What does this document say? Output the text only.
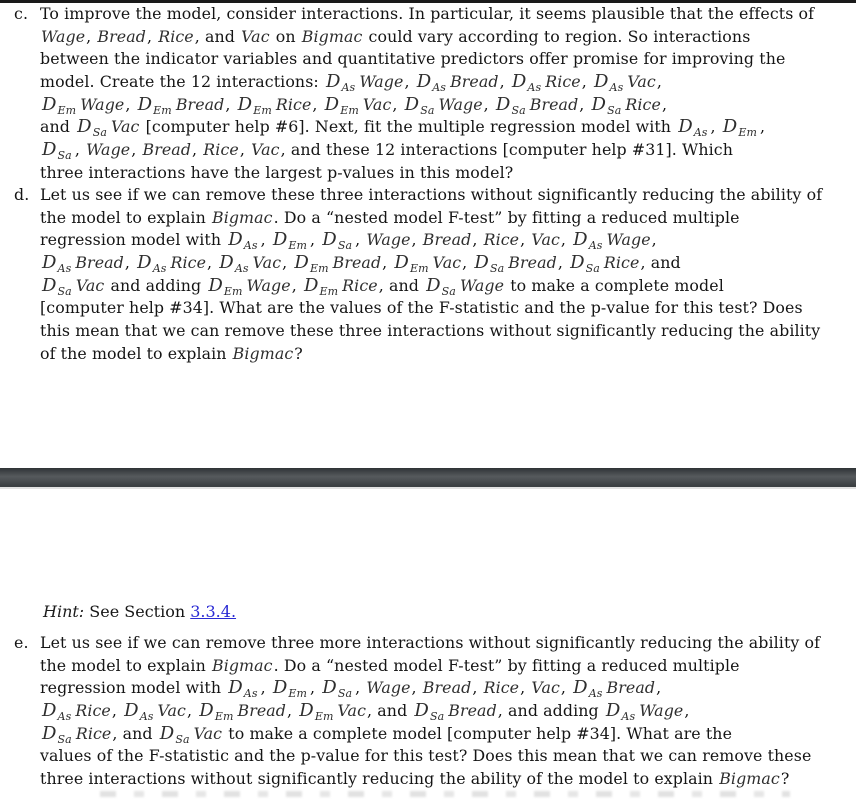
c. To improve the model, consider interactions. In particular, it seems plausible that the effects of
Wage, Bread, Rice, and Vac on Bigmac could vary according to region. So interactions
between the indicator variables and quantitative predictors offer promise for improving the
model. Create the 12 interactions: $D_{As}$ Wage, $D_{As}$ Bread, $D_{As}$ Rice, $D_{As}$ Vac,
$D_{Em}$ Wage, $D_{Em}$ Bread, $D_{Em}$ Rice, $D_{Em}$ Vac, $D_{Sa}$ Wage, $D_{Sa}$ Bread, $D_{Sa}$ Rice,
and $D_{Sa}$ Vac [computer help #6]. Next, fit the multiple regression model with $D_{As}$ , $D_{Em}$ ,
$D_{Sa}$ , Wage, Bread, Rice, Vac, and these 12 interactions [computer help #31]. Which
three interactions have the largest p-values in this model?
d. Let us see if we can remove these three interactions without significantly reducing the ability of
the model to explain Bigmac. Do a “nested model F-test” by fitting a reduced multiple
regression model with $D_{As}$ , $D_{Em}$ , $D_{Sa}$ , Wage, Bread, Rice, Vac, $D_{As}$ Wage,
$D_{As}$ Bread, $D_{As}$ Rice, $D_{As}$ Vac, $D_{Em}$ Bread, $D_{Em}$ Vac, $D_{Sa}$ Bread, $D_{Sa}$ Rice, and
$D_{Sa}$ Vac and adding $D_{Em}$ Wage, $D_{Em}$ Rice, and $D_{Sa}$ Wage to make a complete model
[computer help #34]. What are the values of the F-statistic and the p-value for this test? Does
this mean that we can remove these three interactions without significantly reducing the ability
of the model to explain Bigmac?
Hint: See Section 3.3.4.
e. Let us see if we can remove three more interactions without significantly reducing the ability of
the model to explain Bigmac. Do a “nested model F-test” by fitting a reduced multiple
regression model with $D_{As}$ , $D_{Em}$ , $D_{Sa}$ , Wage, Bread, Rice, Vac, $D_{As}$ Bread,
$D_{As}$ Rice, $D_{As}$ Vac, $D_{Em}$ Bread, $D_{Em}$ Vac, and $D_{Sa}$ Bread, and adding $D_{As}$ Wage,
$D_{Sa}$ Rice, and $D_{Sa}$ Vac to make a complete model [computer help #34]. What are the
values of the F-statistic and the p-value for this test? Does this mean that we can remove these
three interactions without significantly reducing the ability of the model to explain Bigmac?
